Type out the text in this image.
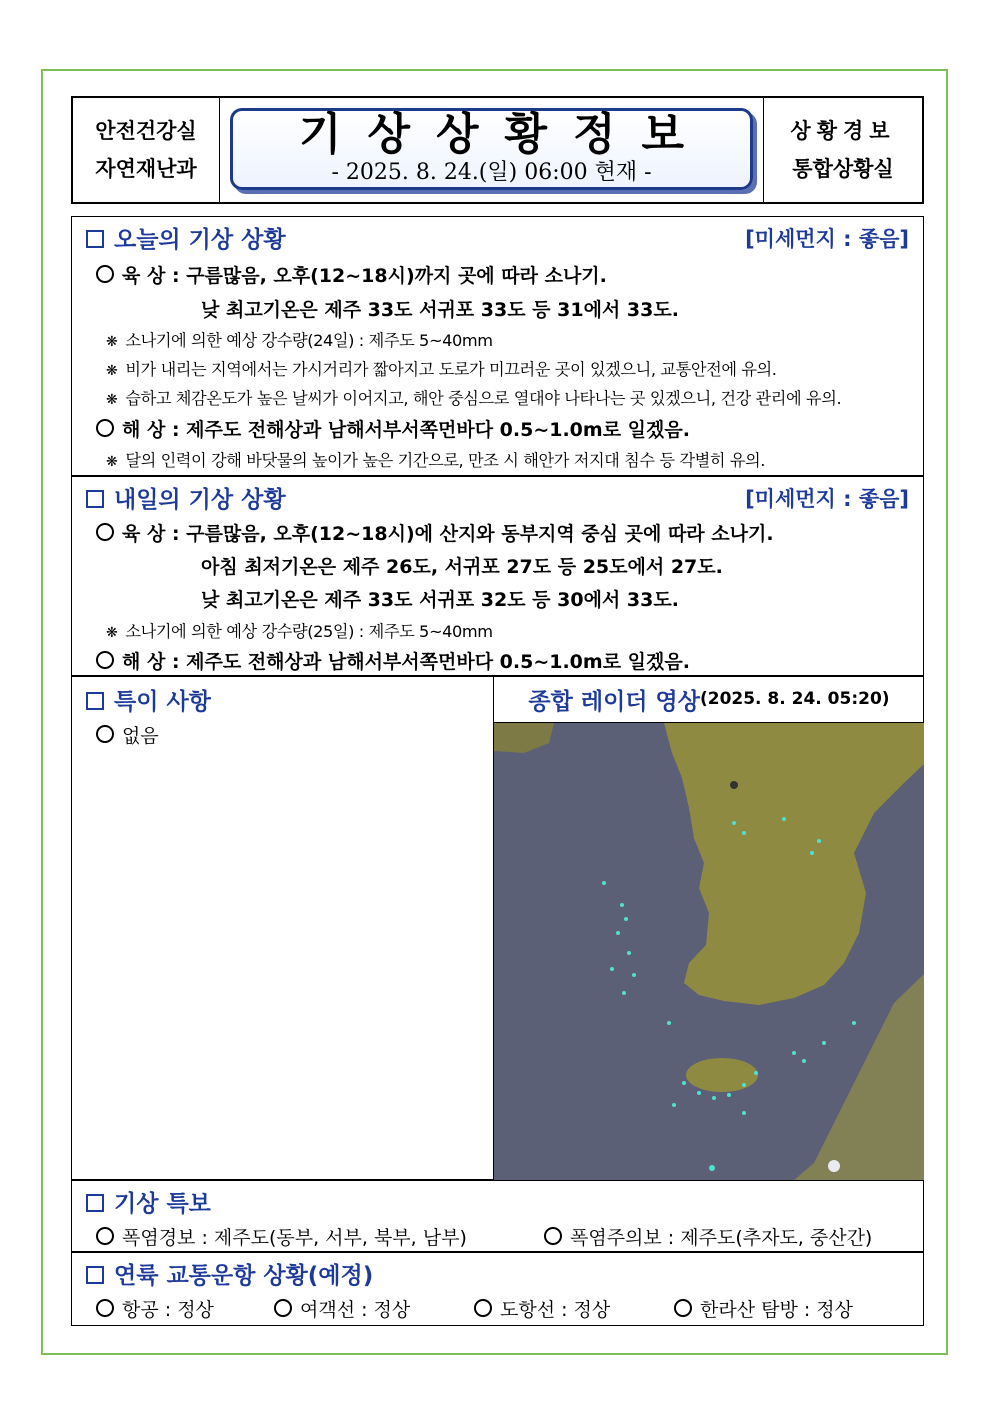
안전건강실
자연재난과
기상상황정보
- 2025. 8. 24.(일) 06:00 현재 -
상황경보
통합상황실
오늘의 기상 상황	[미세먼지 : 좋음]
육 상 : 구름많음, 오후(12~18시)까지 곳에 따라 소나기.
낮 최고기온은 제주 33도 서귀포 33도 등 31에서 33도.
❋ 소나기에 의한 예상 강수량(24일) : 제주도 5~40mm
❋ 비가 내리는 지역에서는 가시거리가 짧아지고 도로가 미끄러운 곳이 있겠으니, 교통안전에 유의.
❋ 습하고 체감온도가 높은 날씨가 이어지고, 해안 중심으로 열대야 나타나는 곳 있겠으니, 건강 관리에 유의.
해 상 : 제주도 전해상과 남해서부서쪽먼바다 0.5~1.0m로 일겠음.
❋ 달의 인력이 강해 바닷물의 높이가 높은 기간으로, 만조 시 해안가 저지대 침수 등 각별히 유의.
내일의 기상 상황	[미세먼지 : 좋음]
육 상 : 구름많음, 오후(12~18시)에 산지와 동부지역 중심 곳에 따라 소나기.
아침 최저기온은 제주 26도, 서귀포 27도 등 25도에서 27도.
낮 최고기온은 제주 33도 서귀포 32도 등 30에서 33도.
❋ 소나기에 의한 예상 강수량(25일) : 제주도 5~40mm
해 상 : 제주도 전해상과 남해서부서쪽먼바다 0.5~1.0m로 일겠음.
특이 사항
없음
종합 레이더 영상 (2025. 8. 24. 05:20)
기상 특보
폭염경보 : 제주도(동부, 서부, 북부, 남부)	폭염주의보 : 제주도(추자도, 중산간)
연륙 교통운항 상황(예정)
항공 : 정상	여객선 : 정상	도항선 : 정상	한라산 탐방 : 정상
